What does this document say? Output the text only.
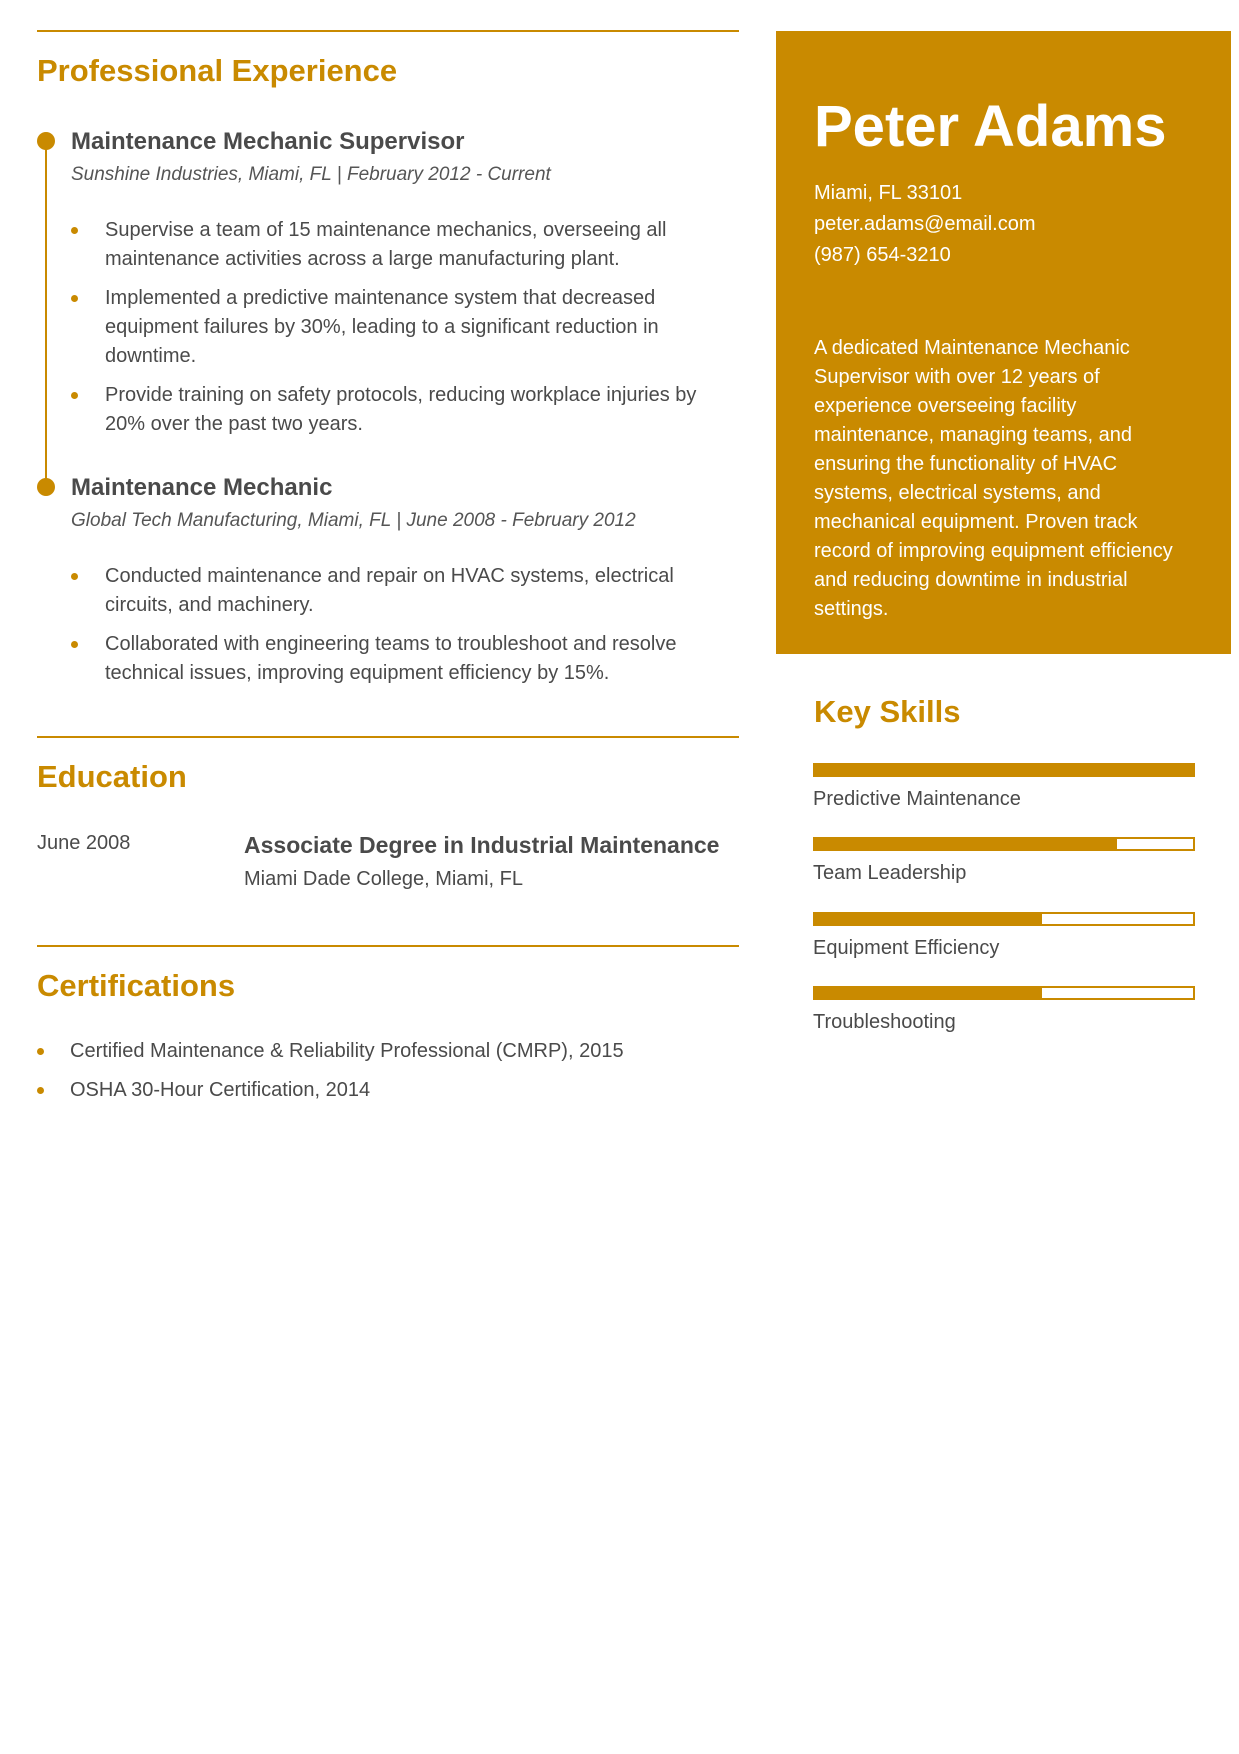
Professional Experience
Maintenance Mechanic Supervisor
Sunshine Industries, Miami, FL | February 2012 - Current
Supervise a team of 15 maintenance mechanics, overseeing all maintenance activities across a large manufacturing plant.
Implemented a predictive maintenance system that decreased equipment failures by 30%, leading to a significant reduction in downtime.
Provide training on safety protocols, reducing workplace injuries by 20% over the past two years.
Maintenance Mechanic
Global Tech Manufacturing, Miami, FL | June 2008 - February 2012
Conducted maintenance and repair on HVAC systems, electrical circuits, and machinery.
Collaborated with engineering teams to troubleshoot and resolve technical issues, improving equipment efficiency by 15%.
Education
June 2008	Associate Degree in Industrial Maintenance
Miami Dade College, Miami, FL
Certifications
Certified Maintenance & Reliability Professional (CMRP), 2015
OSHA 30-Hour Certification, 2014
Peter Adams
Miami, FL 33101
peter.adams@email.com
(987) 654-3210
A dedicated Maintenance Mechanic Supervisor with over 12 years of experience overseeing facility maintenance, managing teams, and ensuring the functionality of HVAC systems, electrical systems, and mechanical equipment. Proven track record of improving equipment efficiency and reducing downtime in industrial settings.
Key Skills
Predictive Maintenance
Team Leadership
Equipment Efficiency
Troubleshooting
